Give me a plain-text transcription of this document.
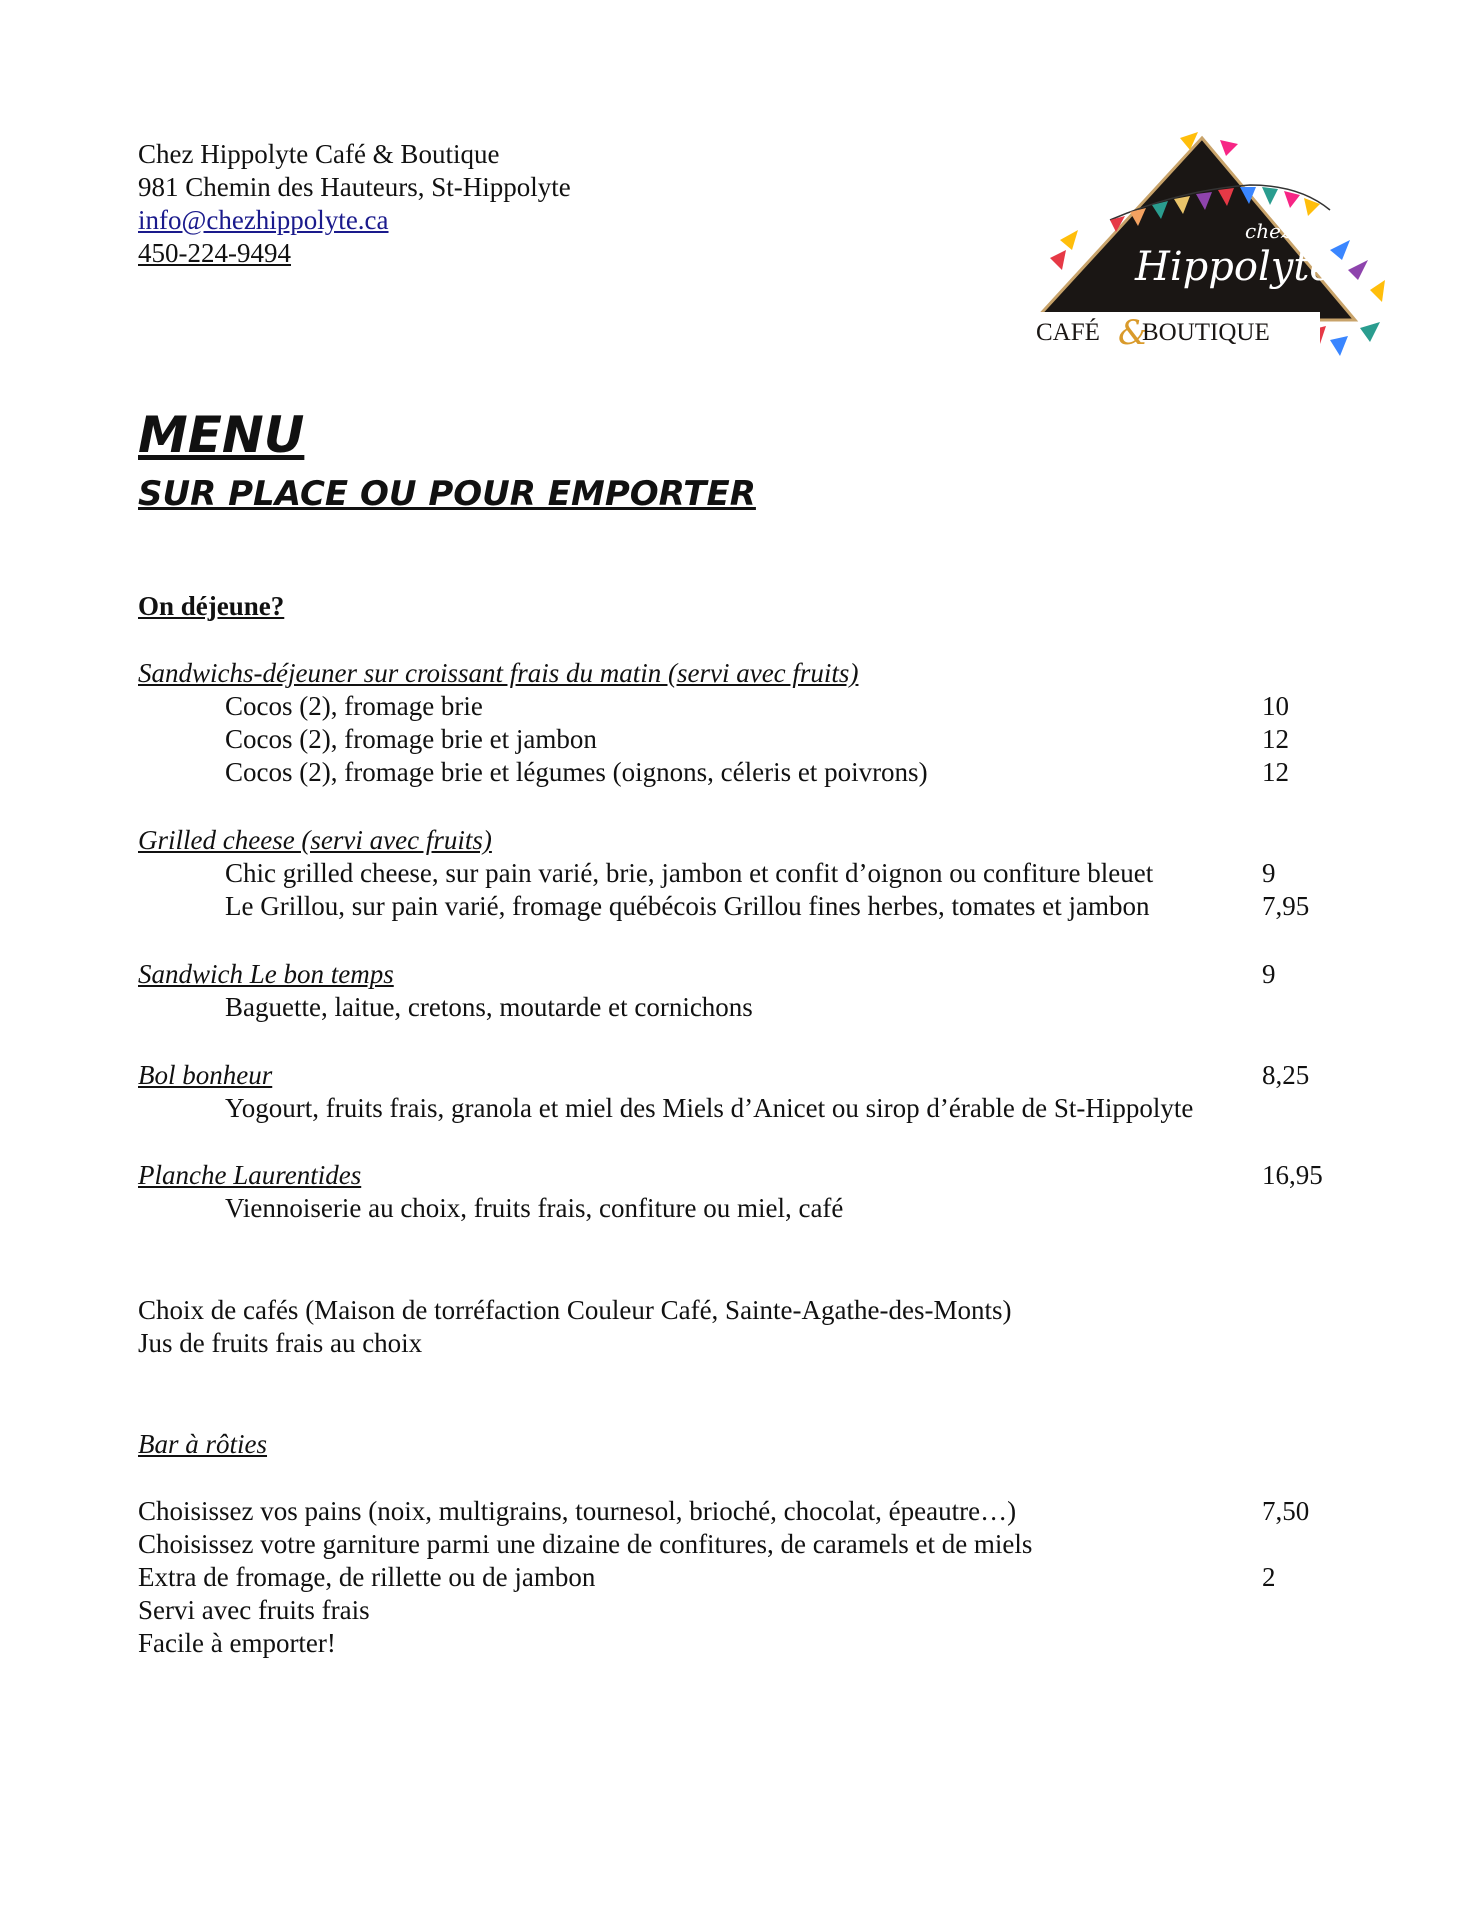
Chez Hippolyte Café & Boutique
981 Chemin des Hauteurs, St-Hippolyte
info@chezhippolyte.ca
450-224-9494
chez
Hippolyte
CAFÉ &
BOUTIQUE
MENU
SUR PLACE OU POUR EMPORTER
On déjeune?
Sandwichs-déjeuner sur croissant frais du matin (servi avec fruits)
Cocos (2), fromage brie	10
Cocos (2), fromage brie et jambon	12
Cocos (2), fromage brie et légumes (oignons, céleris et poivrons)	12
Grilled cheese (servi avec fruits)
Chic grilled cheese, sur pain varié, brie, jambon et confit d’oignon ou confiture bleuet	9
Le Grillou, sur pain varié, fromage québécois Grillou fines herbes, tomates et jambon	7,95
Sandwich Le bon temps	9
Baguette, laitue, cretons, moutarde et cornichons
Bol bonheur	8,25
Yogourt, fruits frais, granola et miel des Miels d’Anicet ou sirop d’érable de St-Hippolyte
Planche Laurentides	16,95
Viennoiserie au choix, fruits frais, confiture ou miel, café
Choix de cafés (Maison de torréfaction Couleur Café, Sainte-Agathe-des-Monts)
Jus de fruits frais au choix
Bar à rôties
Choisissez vos pains (noix, multigrains, tournesol, brioché, chocolat, épeautre…)	7,50
Choisissez votre garniture parmi une dizaine de confitures, de caramels et de miels
Extra de fromage, de rillette ou de jambon	2
Servi avec fruits frais
Facile à emporter!
